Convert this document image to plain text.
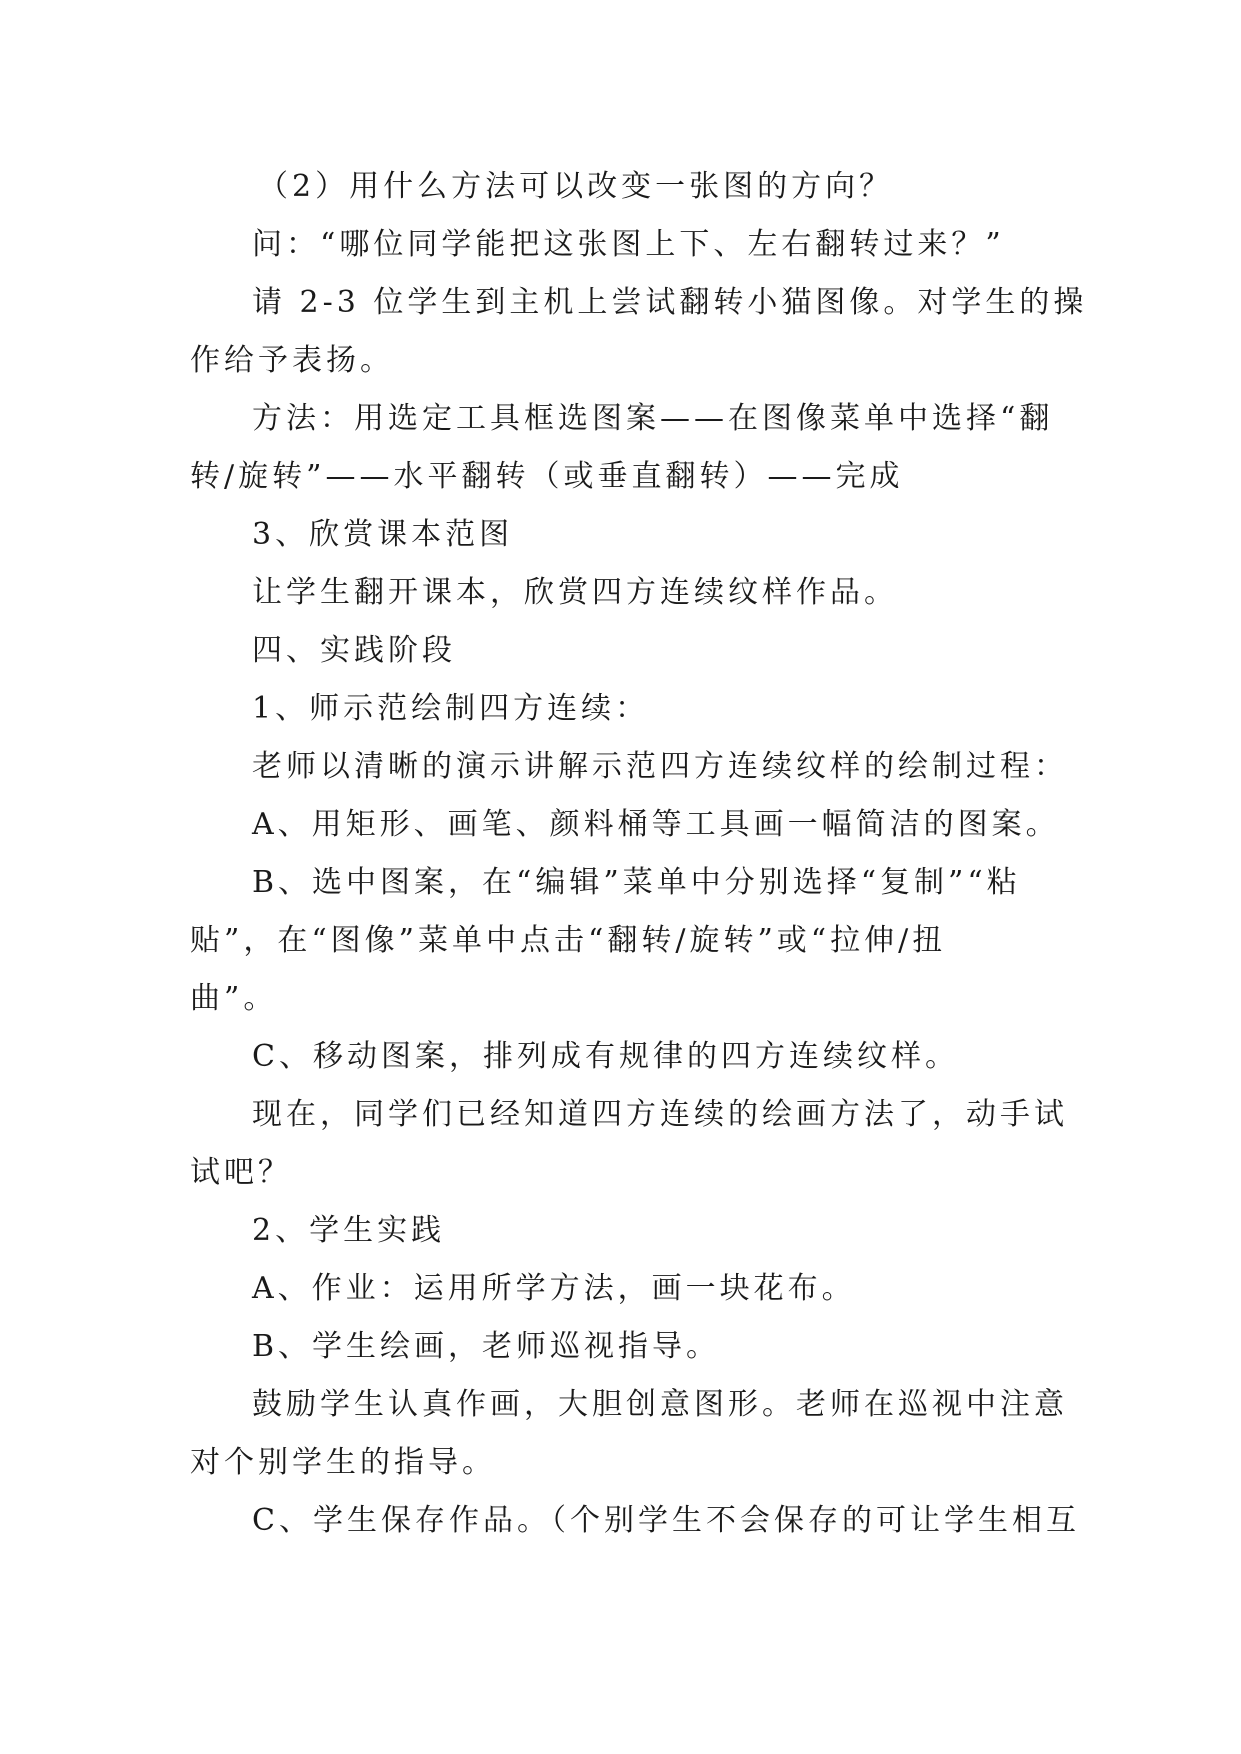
（2）用什么方法可以改变一张图的方向？
问：“哪位同学能把这张图上下、左右翻转过来？”
请 2-3 位学生到主机上尝试翻转小猫图像。对学生的操
作给予表扬。
方法：用选定工具框选图案——在图像菜单中选择“翻
转/旋转”——水平翻转（或垂直翻转）——完成
3、欣赏课本范图
让学生翻开课本，欣赏四方连续纹样作品。
四、实践阶段
1、师示范绘制四方连续：
老师以清晰的演示讲解示范四方连续纹样的绘制过程：
A、用矩形、画笔、颜料桶等工具画一幅简洁的图案。
B、选中图案，在“编辑”菜单中分别选择“复制”“粘
贴”，在“图像”菜单中点击“翻转/旋转”或“拉伸/扭
曲”。
C、移动图案，排列成有规律的四方连续纹样。
现在，同学们已经知道四方连续的绘画方法了，动手试
试吧？
2、学生实践
A、作业：运用所学方法，画一块花布。
B、学生绘画，老师巡视指导。
鼓励学生认真作画，大胆创意图形。老师在巡视中注意
对个别学生的指导。
C、学生保存作品。（个别学生不会保存的可让学生相互
